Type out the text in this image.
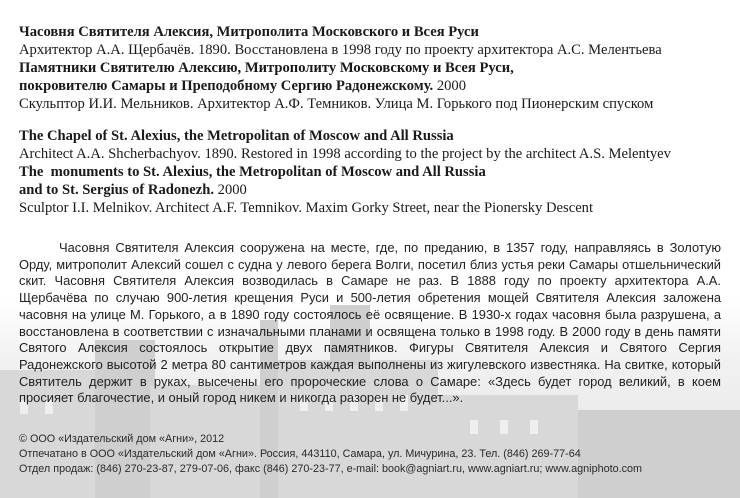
Часовня Святителя Алексия, Митрополита Московского и Всея Руси
Архитектор А.А. Щербачёв. 1890. Восстановлена в 1998 году по проекту архитектора А.С. Мелентьева
Памятники Святителю Алексию, Митрополиту Московскому и Всея Руси,
покровителю Самары и Преподобному Сергию Радонежскому. 2000
Скульптор И.И. Мельников. Архитектор А.Ф. Темников. Улица М. Горького под Пионерским спуском
The Chapel of St. Alexius, the Metropolitan of Moscow and All Russia
Architect A.A. Shcherbachyov. 1890. Restored in 1998 according to the project by the architect A.S. Melentyev
The  monuments to St. Alexius, the Metropolitan of Moscow and All Russia
and to St. Sergius of Radonezh. 2000
Sculptor I.I. Melnikov. Architect A.F. Temnikov. Maxim Gorky Street, near the Pionersky Descent

Часовня Святителя Алексия сооружена на месте, где, по преданию, в 1357 году, направляясь в Золотую Орду, митрополит Алексий сошел с судна у левого берега Волги, посетил близ устья реки Самары отшельнический скит. Часовня Святителя Алексия возводилась в Самаре не раз. В 1888 году по проекту архитектора А.А. Щербачёва по случаю 900-летия крещения Руси и 500-летия обретения мощей Святителя Алексия заложена часовня на улице М. Горького, а в 1890 году состоялось её освящение. В 1930-х годах часовня была разрушена, а восстановлена в соответствии с изначальными планами и освящена только в 1998 году. В 2000 году в день памяти Святого Алексия состоялось открытие двух памятников. Фигуры Святителя Алексия и Святого Сергия Радонежского высотой 2 метра 80 сантиметров каждая выполнены из жигулевского известняка. На свитке, который Святитель держит в руках, высечены его пророческие слова о Самаре: «Здесь будет город великий, в коем просияет благочестие, и оный город никем и никогда разорен не будет...».

© ООО «Издательский дом «Агни», 2012
Отпечатано в ООО «Издательский дом «Агни». Россия, 443110, Самара, ул. Мичурина, 23. Тел. (846) 269-77-64
Отдел продаж: (846) 270-23-87, 279-07-06, факс (846) 270-23-77, e-mail: book@agniart.ru, www.agniart.ru; www.agniphoto.com
